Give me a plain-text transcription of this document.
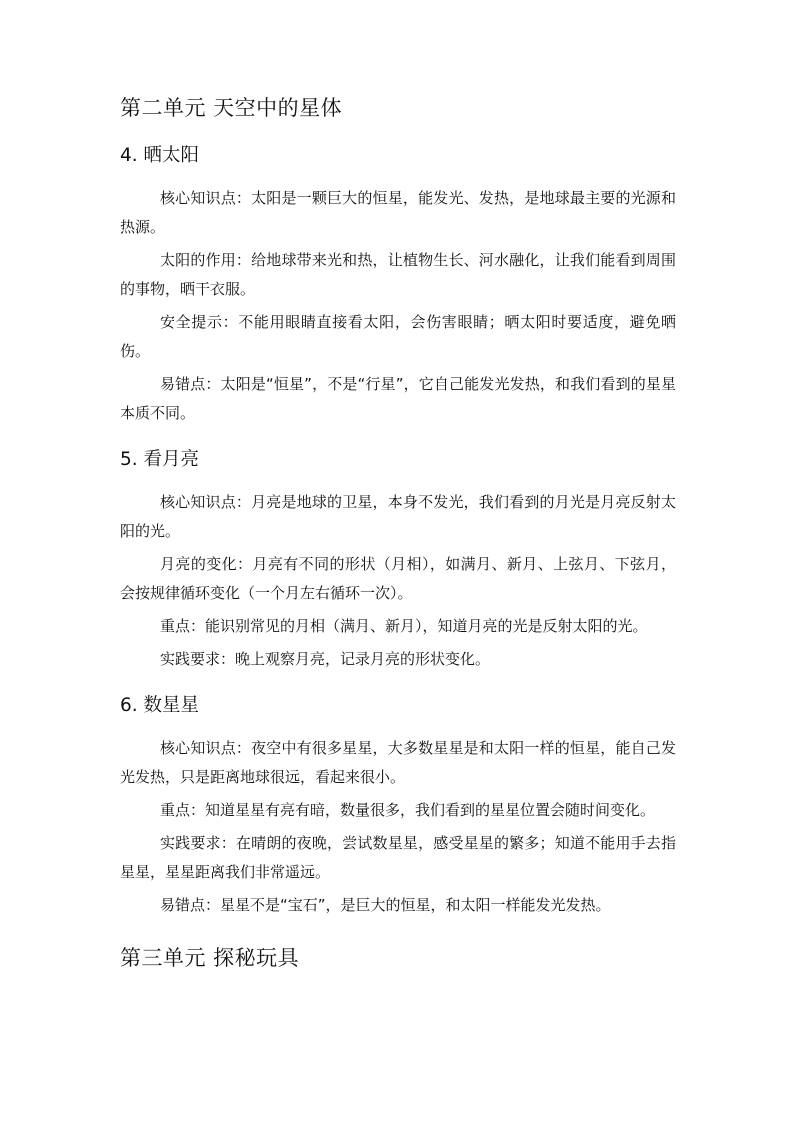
第二单元 天空中的星体
4. 晒太阳

核心知识点：太阳是一颗巨大的恒星，能发光、发热，是地球最主要的光源和热源。

太阳的作用：给地球带来光和热，让植物生长、河水融化，让我们能看到周围的事物，晒干衣服。

安全提示：不能用眼睛直接看太阳，会伤害眼睛；晒太阳时要适度，避免晒伤。

易错点：太阳是“恒星”，不是“行星”，它自己能发光发热，和我们看到的星星本质不同。

5. 看月亮

核心知识点：月亮是地球的卫星，本身不发光，我们看到的月光是月亮反射太阳的光。

月亮的变化：月亮有不同的形状（月相），如满月、新月、上弦月、下弦月，会按规律循环变化（一个月左右循环一次）。

重点：能识别常见的月相（满月、新月），知道月亮的光是反射太阳的光。

实践要求：晚上观察月亮，记录月亮的形状变化。

6. 数星星

核心知识点：夜空中有很多星星，大多数星星是和太阳一样的恒星，能自己发光发热，只是距离地球很远，看起来很小。

重点：知道星星有亮有暗，数量很多，我们看到的星星位置会随时间变化。

实践要求：在晴朗的夜晚，尝试数星星，感受星星的繁多；知道不能用手去指星星，星星距离我们非常遥远。

易错点：星星不是“宝石”，是巨大的恒星，和太阳一样能发光发热。

第三单元 探秘玩具
